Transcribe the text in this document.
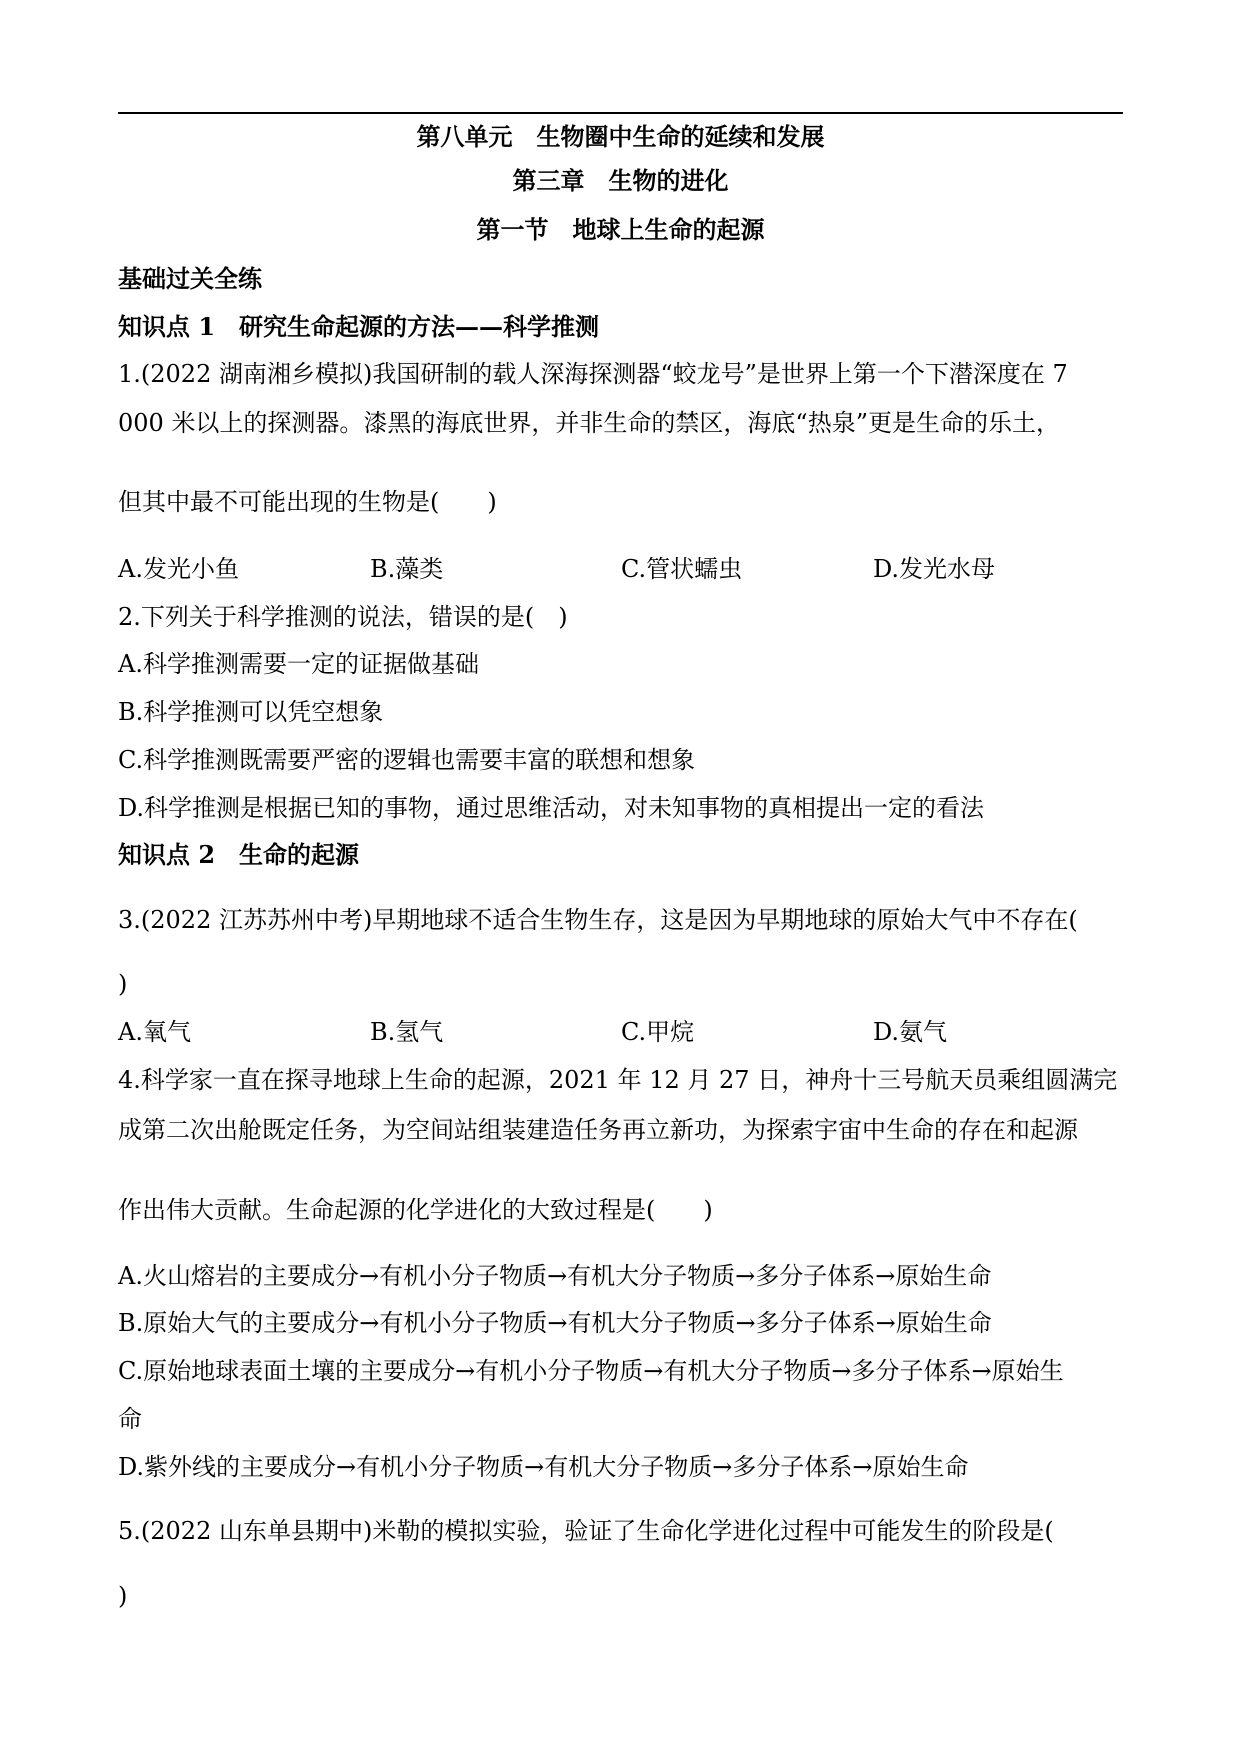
第八单元　生物圈中生命的延续和发展
第三章　生物的进化
第一节　地球上生命的起源
基础过关全练
知识点 1　研究生命起源的方法——科学推测
1.(2022 湖南湘乡模拟)我国研制的载人深海探测器“蛟龙号”是世界上第一个下潜深度在 7
000 米以上的探测器。漆黑的海底世界，并非生命的禁区，海底“热泉”更是生命的乐土，
但其中最不可能出现的生物是(　　)
A.发光小鱼	B.藻类	C.管状蠕虫	D.发光水母
2.下列关于科学推测的说法，错误的是(　)
A.科学推测需要一定的证据做基础
B.科学推测可以凭空想象
C.科学推测既需要严密的逻辑也需要丰富的联想和想象
D.科学推测是根据已知的事物，通过思维活动，对未知事物的真相提出一定的看法
知识点 2　生命的起源
3.(2022 江苏苏州中考)早期地球不适合生物生存，这是因为早期地球的原始大气中不存在(
)
A.氧气	B.氢气	C.甲烷	D.氨气
4.科学家一直在探寻地球上生命的起源，2021 年 12 月 27 日，神舟十三号航天员乘组圆满完
成第二次出舱既定任务，为空间站组装建造任务再立新功，为探索宇宙中生命的存在和起源
作出伟大贡献。生命起源的化学进化的大致过程是(　　)
A.火山熔岩的主要成分→有机小分子物质→有机大分子物质→多分子体系→原始生命
B.原始大气的主要成分→有机小分子物质→有机大分子物质→多分子体系→原始生命
C.原始地球表面土壤的主要成分→有机小分子物质→有机大分子物质→多分子体系→原始生
命
D.紫外线的主要成分→有机小分子物质→有机大分子物质→多分子体系→原始生命
5.(2022 山东单县期中)米勒的模拟实验，验证了生命化学进化过程中可能发生的阶段是(
)
